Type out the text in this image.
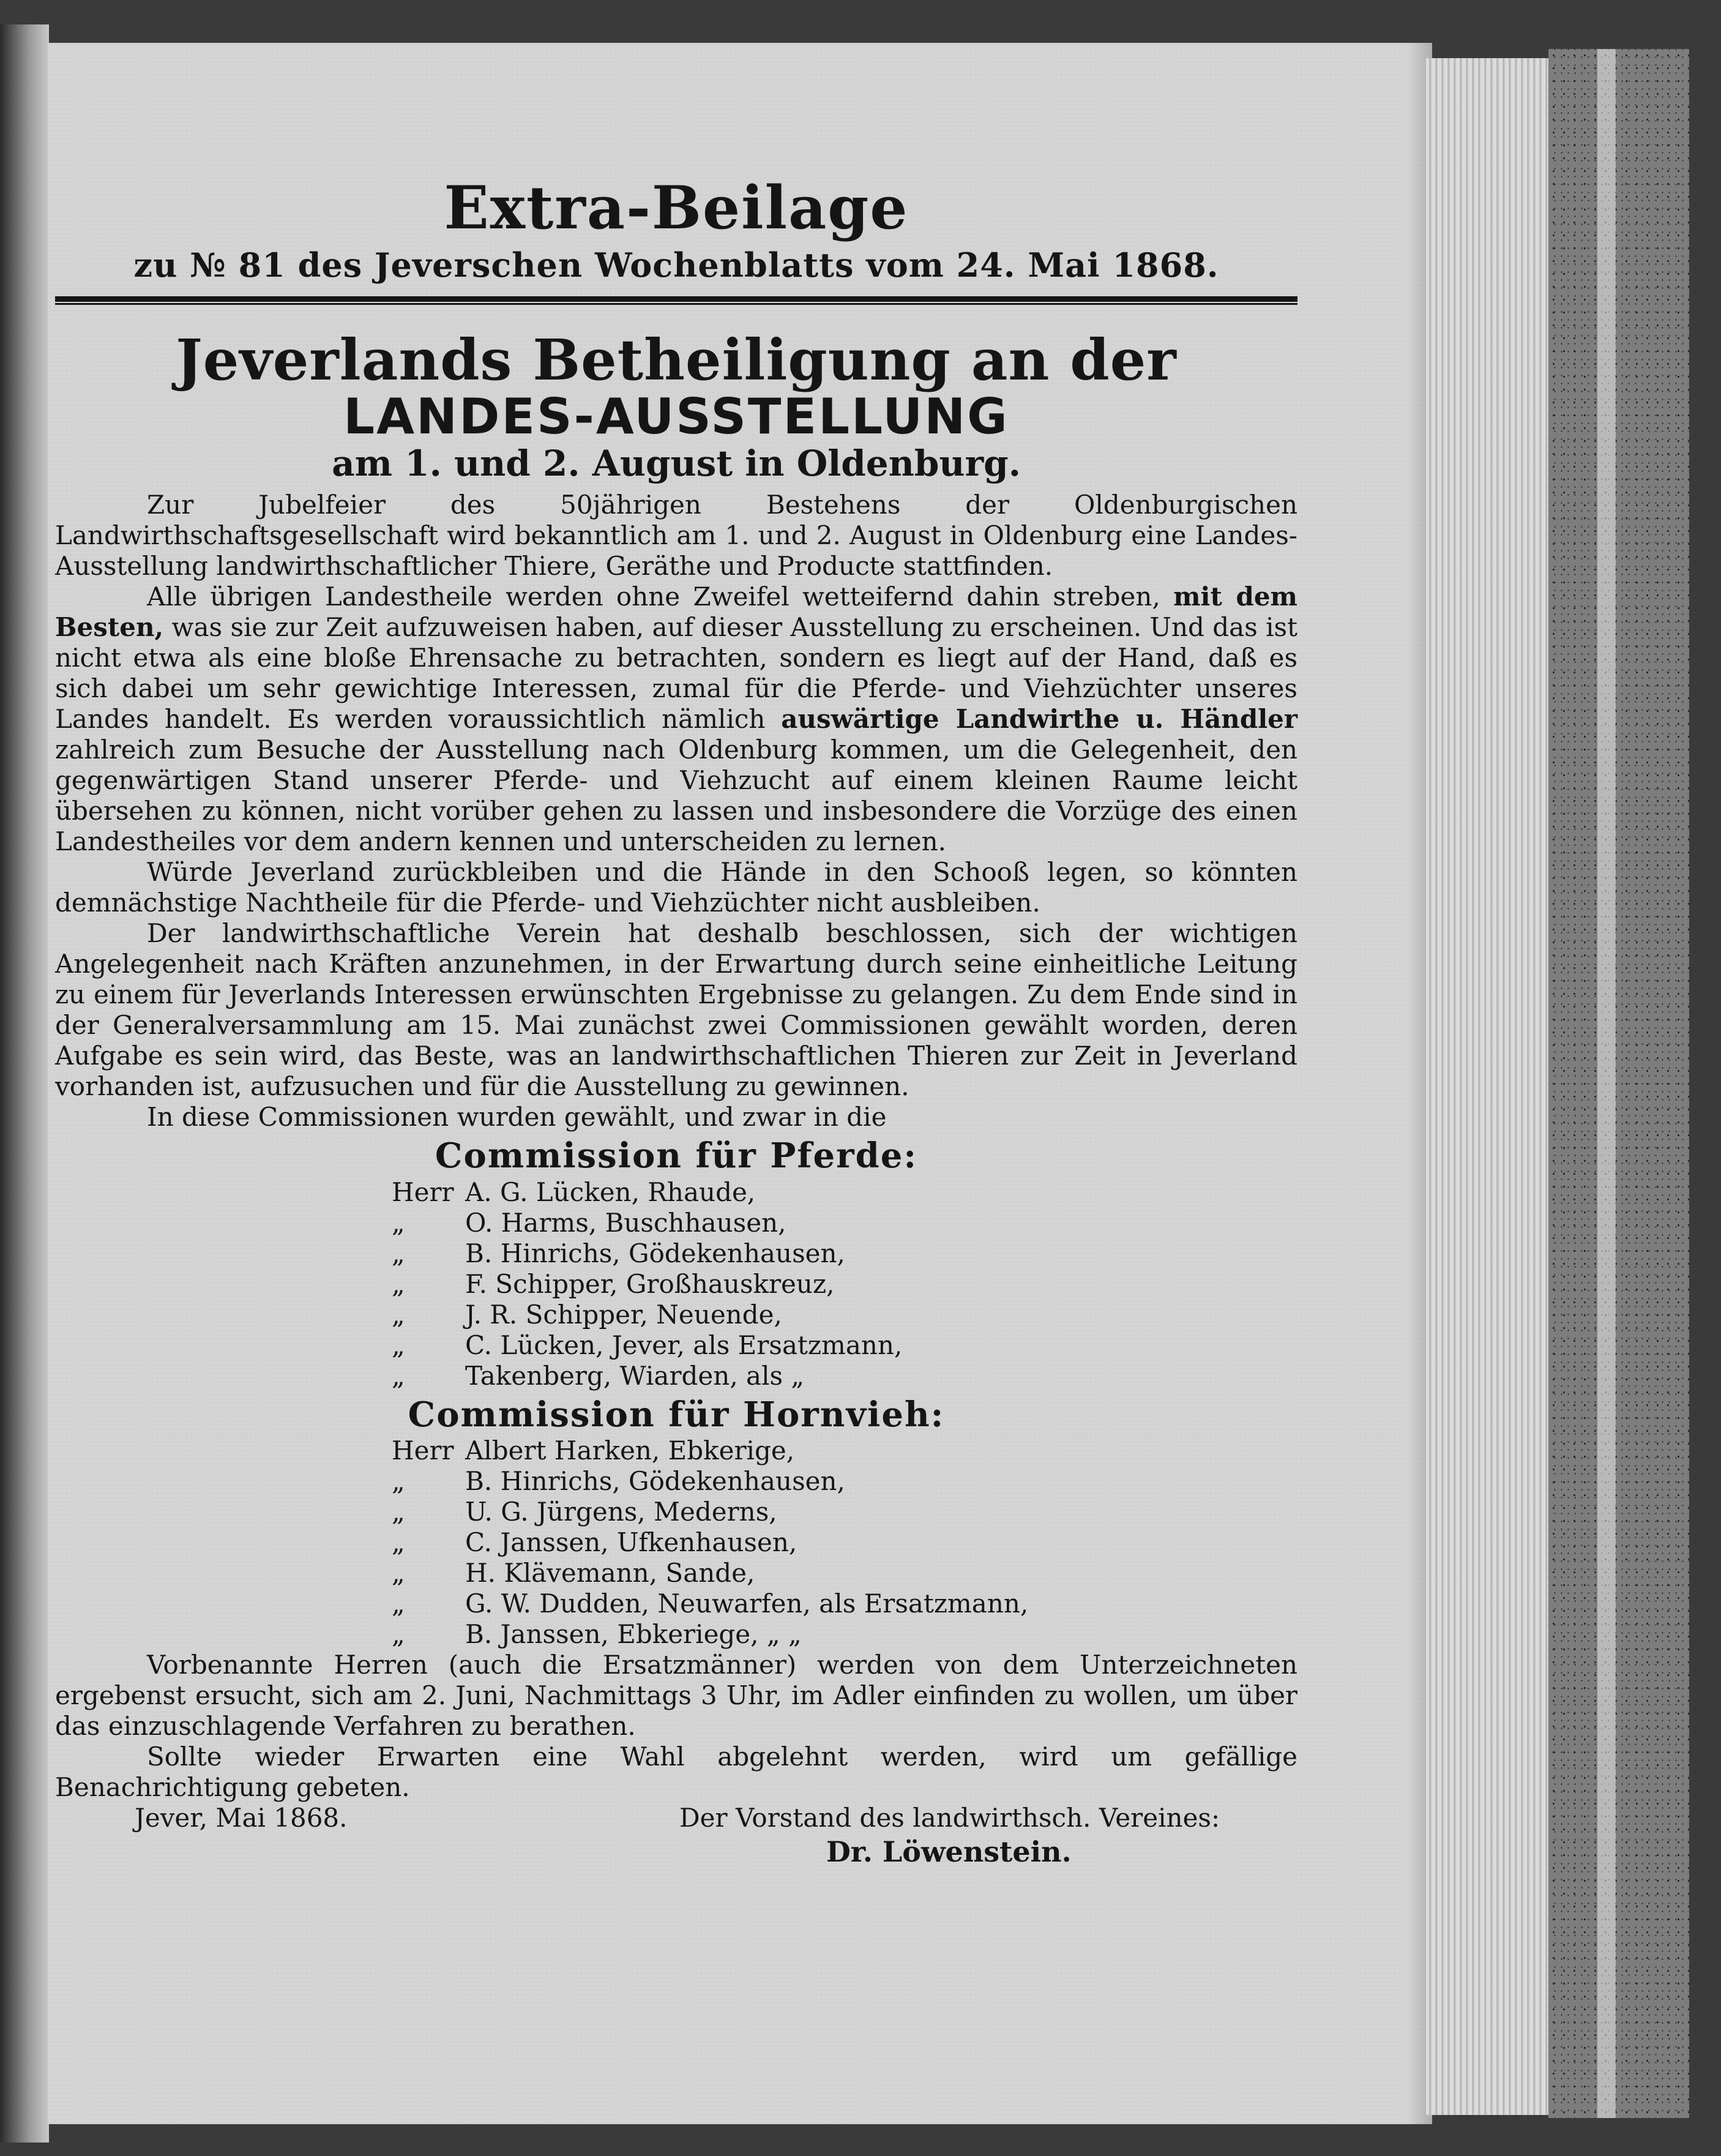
Extra-Beilage

zu № 81 des Jeverschen Wochenblatts vom 24. Mai 1868.

Jeverlands Betheiligung an der
LANDES-AUSSTELLUNG
am 1. und 2. August in Oldenburg.

Zur Jubelfeier des 50jährigen Bestehens der Oldenburgischen Landwirthschaftsgesellschaft wird bekanntlich am 1. und 2. August in Oldenburg eine Landes-Ausstellung landwirthschaftlicher Thiere, Geräthe und Producte stattfinden.

Alle übrigen Landestheile werden ohne Zweifel wetteifernd dahin streben, mit dem Besten, was sie zur Zeit aufzuweisen haben, auf dieser Ausstellung zu erscheinen. Und das ist nicht etwa als eine bloße Ehrensache zu betrachten, sondern es liegt auf der Hand, daß es sich dabei um sehr gewichtige Interessen, zumal für die Pferde- und Viehzüchter unseres Landes handelt. Es werden voraussichtlich nämlich auswärtige Landwirthe u. Händler zahlreich zum Besuche der Ausstellung nach Oldenburg kommen, um die Gelegenheit, den gegenwärtigen Stand unserer Pferde- und Viehzucht auf einem kleinen Raume leicht übersehen zu können, nicht vorüber gehen zu lassen und insbesondere die Vorzüge des einen Landestheiles vor dem andern kennen und unterscheiden zu lernen.

Würde Jeverland zurückbleiben und die Hände in den Schooß legen, so könnten demnächstige Nachtheile für die Pferde- und Viehzüchter nicht ausbleiben.

Der landwirthschaftliche Verein hat deshalb beschlossen, sich der wichtigen Angelegenheit nach Kräften anzunehmen, in der Erwartung durch seine einheitliche Leitung zu einem für Jeverlands Interessen erwünschten Ergebnisse zu gelangen. Zu dem Ende sind in der Generalversammlung am 15. Mai zunächst zwei Commissionen gewählt worden, deren Aufgabe es sein wird, das Beste, was an landwirthschaftlichen Thieren zur Zeit in Jeverland vorhanden ist, aufzusuchen und für die Ausstellung zu gewinnen.

In diese Commissionen wurden gewählt, und zwar in die

Commission für Pferde:
Herr A. G. Lücken, Rhaude,
„	O. Harms, Buschhausen,
„	B. Hinrichs, Gödekenhausen,
„	F. Schipper, Großhauskreuz,
„	J. R. Schipper, Neuende,
„	C. Lücken, Jever, als Ersatzmann,
„	Takenberg, Wiarden, als „
Commission für Hornvieh:
Herr Albert Harken, Ebkerige,
„	B. Hinrichs, Gödekenhausen,
„	U. G. Jürgens, Mederns,
„	C. Janssen, Ufkenhausen,
„	H. Klävemann, Sande,
„	G. W. Dudden, Neuwarfen, als Ersatzmann,
„	B. Janssen, Ebkeriege, „ „

Vorbenannte Herren (auch die Ersatzmänner) werden von dem Unterzeichneten ergebenst ersucht, sich am 2. Juni, Nachmittags 3 Uhr, im Adler einfinden zu wollen, um über das einzuschlagende Verfahren zu berathen.

Sollte wieder Erwarten eine Wahl abgelehnt werden, wird um gefällige Benachrichtigung gebeten.

Jever, Mai 1868.	Der Vorstand des landwirthsch. Vereines:
Dr. Löwenstein.
